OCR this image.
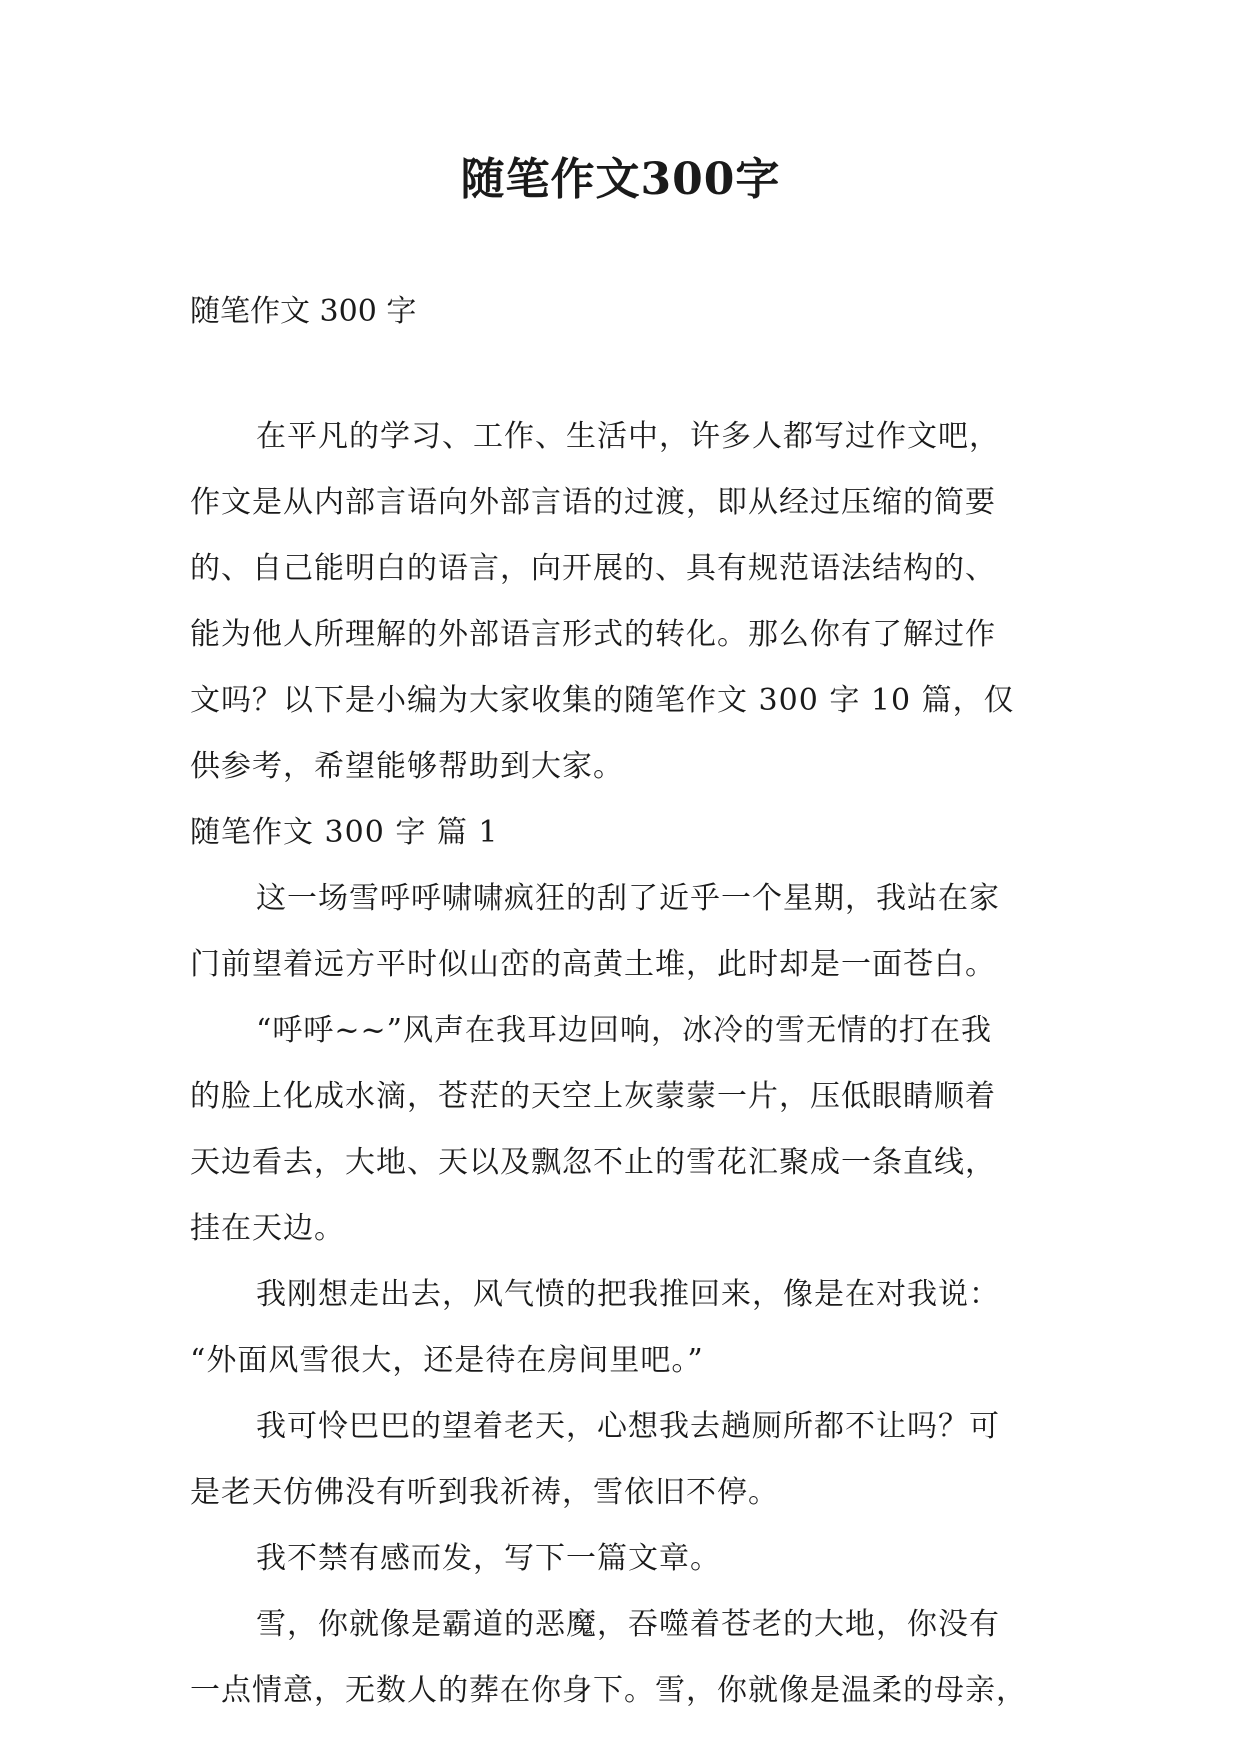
随笔作文300字

随笔作文 300 字

在平凡的学习、工作、生活中，许多人都写过作文吧，
作文是从内部言语向外部言语的过渡，即从经过压缩的简要
的、自己能明白的语言，向开展的、具有规范语法结构的、
能为他人所理解的外部语言形式的转化。那么你有了解过作
文吗？以下是小编为大家收集的随笔作文 300 字 10 篇，仅
供参考，希望能够帮助到大家。
随笔作文 300 字 篇 1
这一场雪呼呼啸啸疯狂的刮了近乎一个星期，我站在家
门前望着远方平时似山峦的高黄土堆，此时却是一面苍白。
“呼呼~~”风声在我耳边回响，冰冷的雪无情的打在我
的脸上化成水滴，苍茫的天空上灰蒙蒙一片，压低眼睛顺着
天边看去，大地、天以及飘忽不止的雪花汇聚成一条直线，
挂在天边。
我刚想走出去，风气愤的把我推回来，像是在对我说：
“外面风雪很大，还是待在房间里吧。”
我可怜巴巴的望着老天，心想我去趟厕所都不让吗？可
是老天仿佛没有听到我祈祷，雪依旧不停。
我不禁有感而发，写下一篇文章。
雪，你就像是霸道的恶魔，吞噬着苍老的大地，你没有
一点情意，无数人的葬在你身下。雪，你就像是温柔的母亲，
